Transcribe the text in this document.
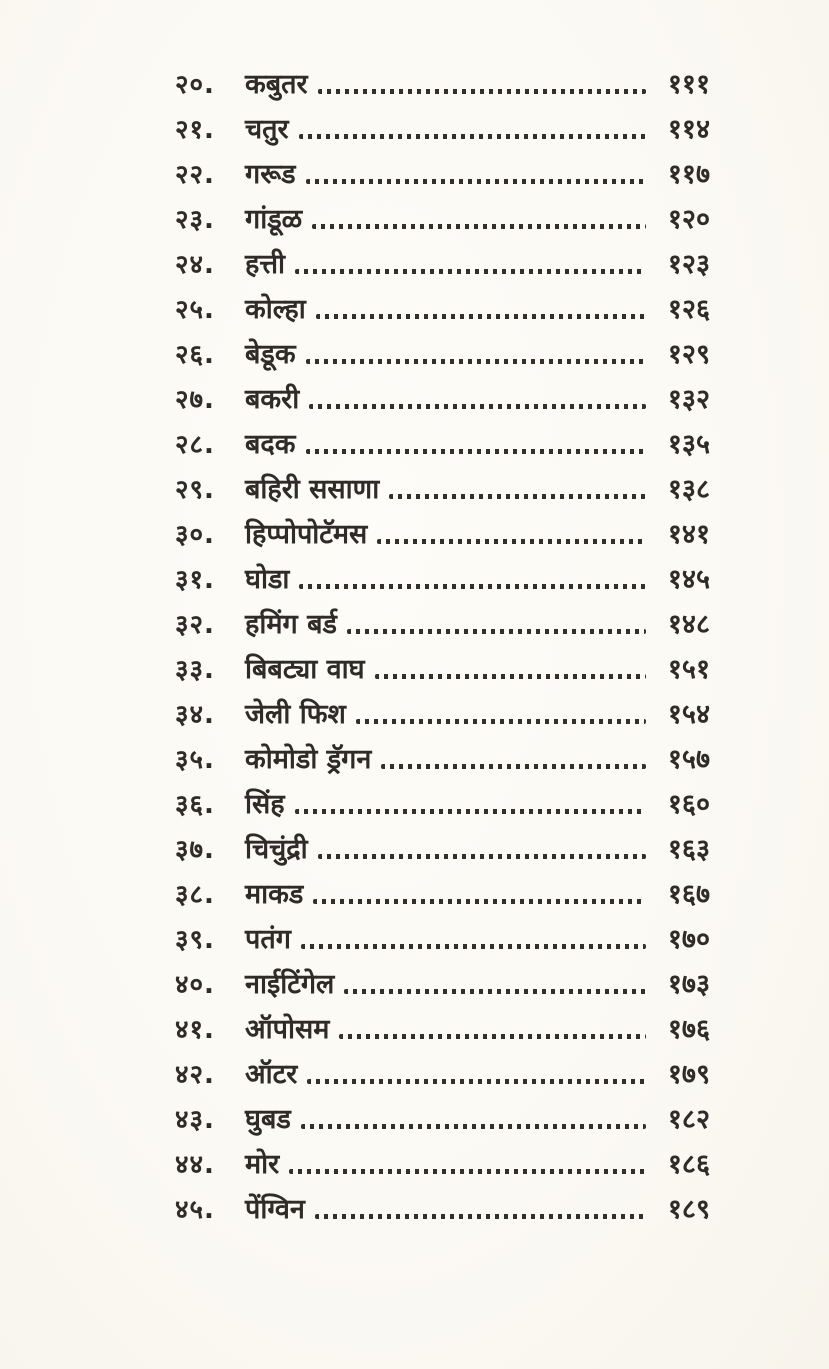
२०.	कबुतर	१११
२१.	चतुर	११४
२२.	गरूड	११७
२३.	गांडूळ	१२०
२४.	हत्ती	१२३
२५.	कोल्हा	१२६
२६.	बेडूक	१२९
२७.	बकरी	१३२
२८.	बदक	१३५
२९.	बहिरी ससाणा	१३८
३०.	हिप्पोपोटॅमस	१४१
३१.	घोडा	१४५
३२.	हमिंग बर्ड	१४८
३३.	बिबट्या वाघ	१५१
३४.	जेली फिश	१५४
३५.	कोमोडो ड्रॅगन	१५७
३६.	सिंह	१६०
३७.	चिचुंद्री	१६३
३८.	माकड	१६७
३९.	पतंग	१७०
४०.	नाईटिंगेल	१७३
४१.	ऑपोसम	१७६
४२.	ऑटर	१७९
४३.	घुबड	१८२
४४.	मोर	१८६
४५.	पेंग्विन	१८९
